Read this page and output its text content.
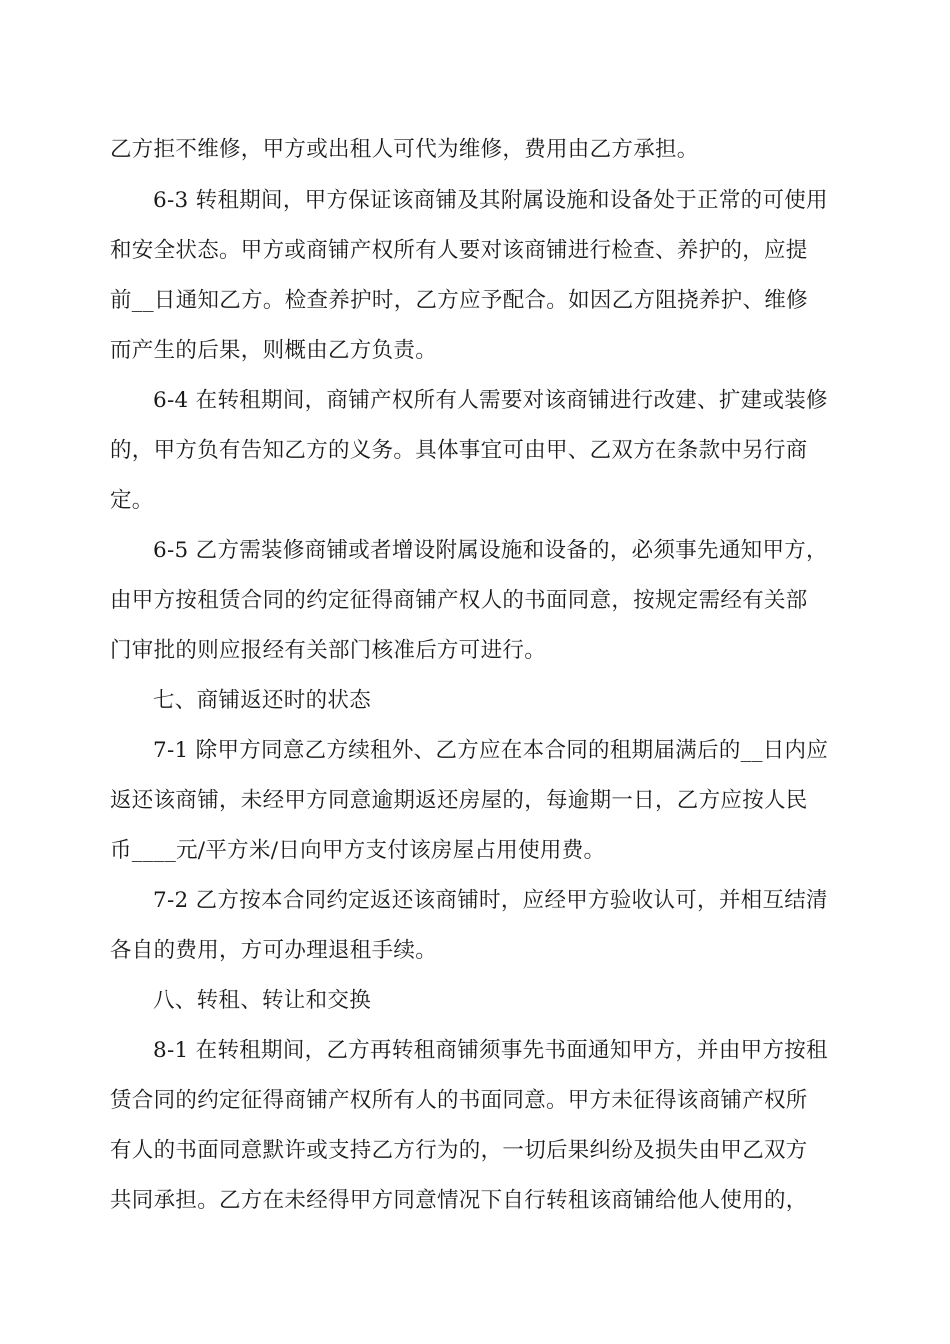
乙方拒不维修，甲方或出租人可代为维修，费用由乙方承担。
6-3 转租期间，甲方保证该商铺及其附属设施和设备处于正常的可使用
和安全状态。甲方或商铺产权所有人要对该商铺进行检查、养护的，应提
前__日通知乙方。检查养护时，乙方应予配合。如因乙方阻挠养护、维修
而产生的后果，则概由乙方负责。
6-4 在转租期间，商铺产权所有人需要对该商铺进行改建、扩建或装修
的，甲方负有告知乙方的义务。具体事宜可由甲、乙双方在条款中另行商
定。
6-5 乙方需装修商铺或者增设附属设施和设备的，必须事先通知甲方，
由甲方按租赁合同的约定征得商铺产权人的书面同意，按规定需经有关部
门审批的则应报经有关部门核准后方可进行。
七、商铺返还时的状态
7-1 除甲方同意乙方续租外、乙方应在本合同的租期届满后的__日内应
返还该商铺，未经甲方同意逾期返还房屋的，每逾期一日，乙方应按人民
币____元/平方米/日向甲方支付该房屋占用使用费。
7-2 乙方按本合同约定返还该商铺时，应经甲方验收认可，并相互结清
各自的费用，方可办理退租手续。
八、转租、转让和交换
8-1 在转租期间，乙方再转租商铺须事先书面通知甲方，并由甲方按租
赁合同的约定征得商铺产权所有人的书面同意。甲方未征得该商铺产权所
有人的书面同意默许或支持乙方行为的，一切后果纠纷及损失由甲乙双方
共同承担。乙方在未经得甲方同意情况下自行转租该商铺给他人使用的，
